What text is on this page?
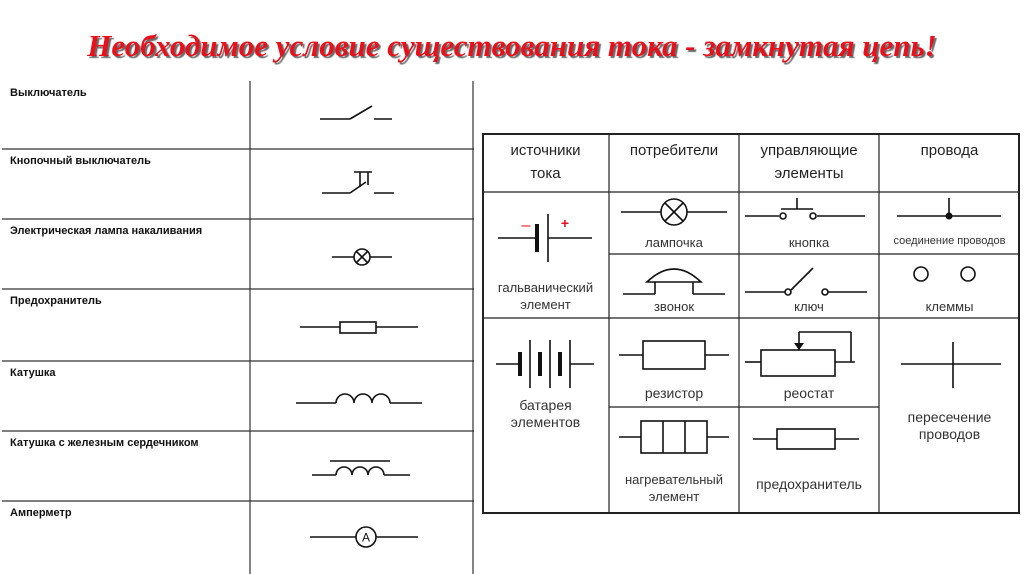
Необходимое условие существования тока - замкнутая цепь!
Выключатель
Кнопочный выключатель
Электрическая лампа накаливания
Предохранитель
Катушка
Катушка с железным сердечником
Амперметр
A
источники
тока
потребители	управляющие
элементы
провода
– +
гальванический
элемент
батарея
элементов
лампочка
звонок
резистор
нагревательный
элемент
кнопка
ключ
реостат
предохранитель
соединение проводов
клеммы
пересечение
проводов
